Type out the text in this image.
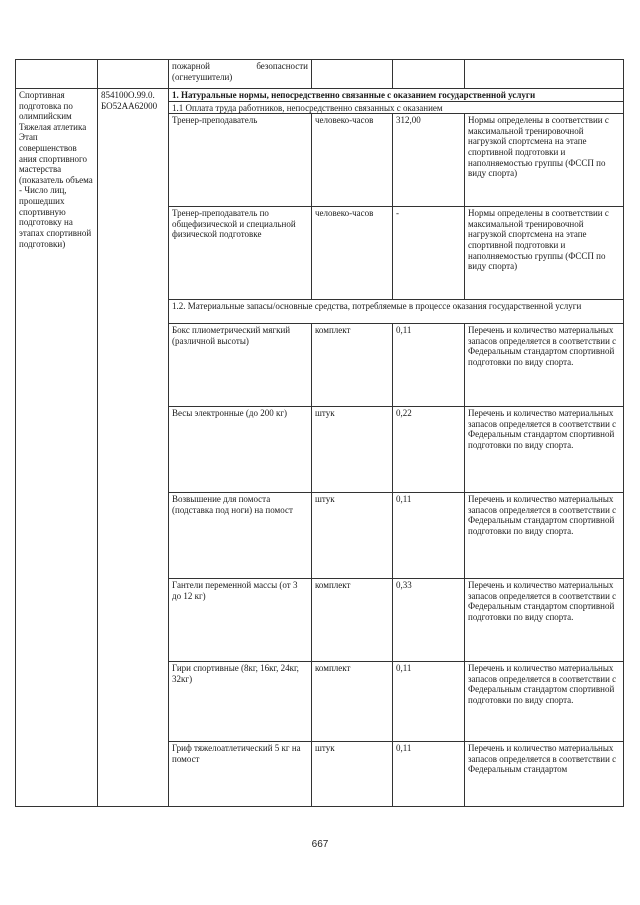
		пожарной безопасности (огнетушители)			
Спортивная подготовка по олимпийским Тяжелая атлетика Этап совершенствов ания спортивного мастерства (показатель объема - Число лиц, прошедших спортивную подготовку на этапах спортивной подготовки)	854100О.99.0. БО52АА62000	1. Натуральные нормы, непосредственно связанные с оказанием государственной услуги			
		1.1 Оплата труда работников, непосредственно связанных с оказанием			
		Тренер-преподаватель	человеко-часов	312,00	Нормы определены в соответствии с максимальной тренировочной нагрузкой спортсмена на этапе спортивной подготовки и наполняемостью группы (ФССП по виду спорта)
		Тренер-преподаватель по общефизической и специальной физической подготовке	человеко-часов	-	Нормы определены в соответствии с максимальной тренировочной нагрузкой спортсмена на этапе спортивной подготовки и наполняемостью группы (ФССП по виду спорта)
		1.2. Материальные запасы/основные средства, потребляемые в процессе оказания государственной услуги			
		Бокс плиометрический мягкий (различной высоты)	комплект	0,11	Перечень и количество материальных запасов определяется в соответствии с Федеральным стандартом спортивной подготовки по виду спорта.
		Весы электронные (до 200 кг)	штук	0,22	Перечень и количество материальных запасов определяется в соответствии с Федеральным стандартом спортивной подготовки по виду спорта.
		Возвышение для помоста (подставка под ноги) на помост	штук	0,11	Перечень и количество материальных запасов определяется в соответствии с Федеральным стандартом спортивной подготовки по виду спорта.
		Гантели переменной массы (от 3 до 12 кг)	комплект	0,33	Перечень и количество материальных запасов определяется в соответствии с Федеральным стандартом спортивной подготовки по виду спорта.
		Гири спортивные (8кг, 16кг, 24кг, 32кг)	комплект	0,11	Перечень и количество материальных запасов определяется в соответствии с Федеральным стандартом спортивной подготовки по виду спорта.
		Гриф тяжелоатлетический 5 кг на помост	штук	0,11	Перечень и количество материальных запасов определяется в соответствии с Федеральным стандартом
667
